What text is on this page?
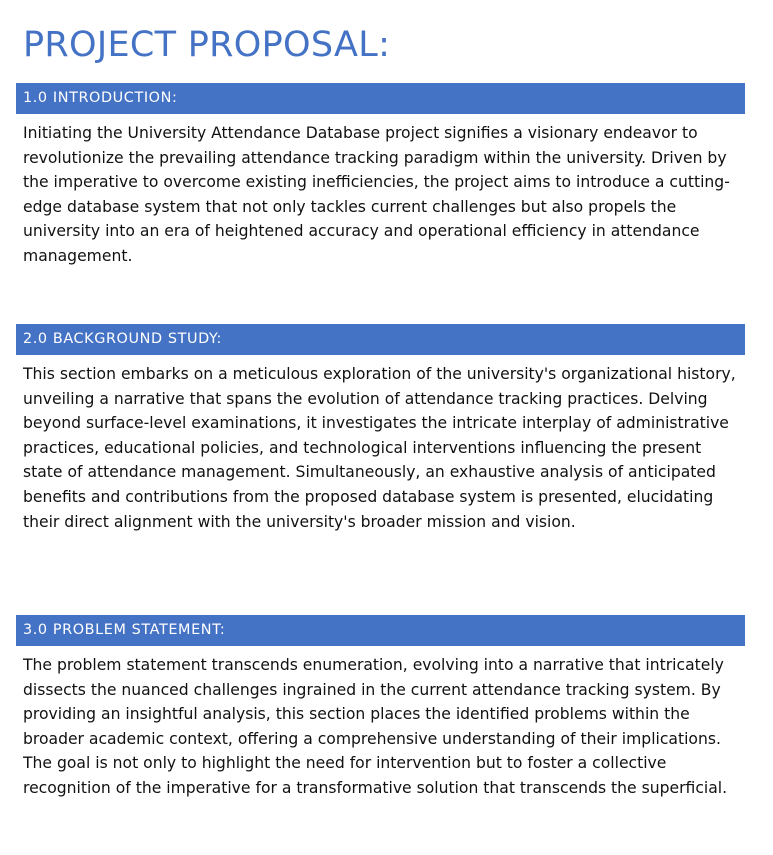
PROJECT PROPOSAL:
1.0 INTRODUCTION:

Initiating the University Attendance Database project signifies a visionary endeavor to revolutionize the prevailing attendance tracking paradigm within the university. Driven by the imperative to overcome existing inefficiencies, the project aims to introduce a cutting-edge database system that not only tackles current challenges but also propels the university into an era of heightened accuracy and operational efficiency in attendance management.

2.0 BACKGROUND STUDY:

This section embarks on a meticulous exploration of the university's organizational history, unveiling a narrative that spans the evolution of attendance tracking practices. Delving beyond surface-level examinations, it investigates the intricate interplay of administrative practices, educational policies, and technological interventions influencing the present state of attendance management. Simultaneously, an exhaustive analysis of anticipated benefits and contributions from the proposed database system is presented, elucidating their direct alignment with the university's broader mission and vision.

3.0 PROBLEM STATEMENT:

The problem statement transcends enumeration, evolving into a narrative that intricately dissects the nuanced challenges ingrained in the current attendance tracking system. By providing an insightful analysis, this section places the identified problems within the broader academic context, offering a comprehensive understanding of their implications. The goal is not only to highlight the need for intervention but to foster a collective recognition of the imperative for a transformative solution that transcends the superficial.
